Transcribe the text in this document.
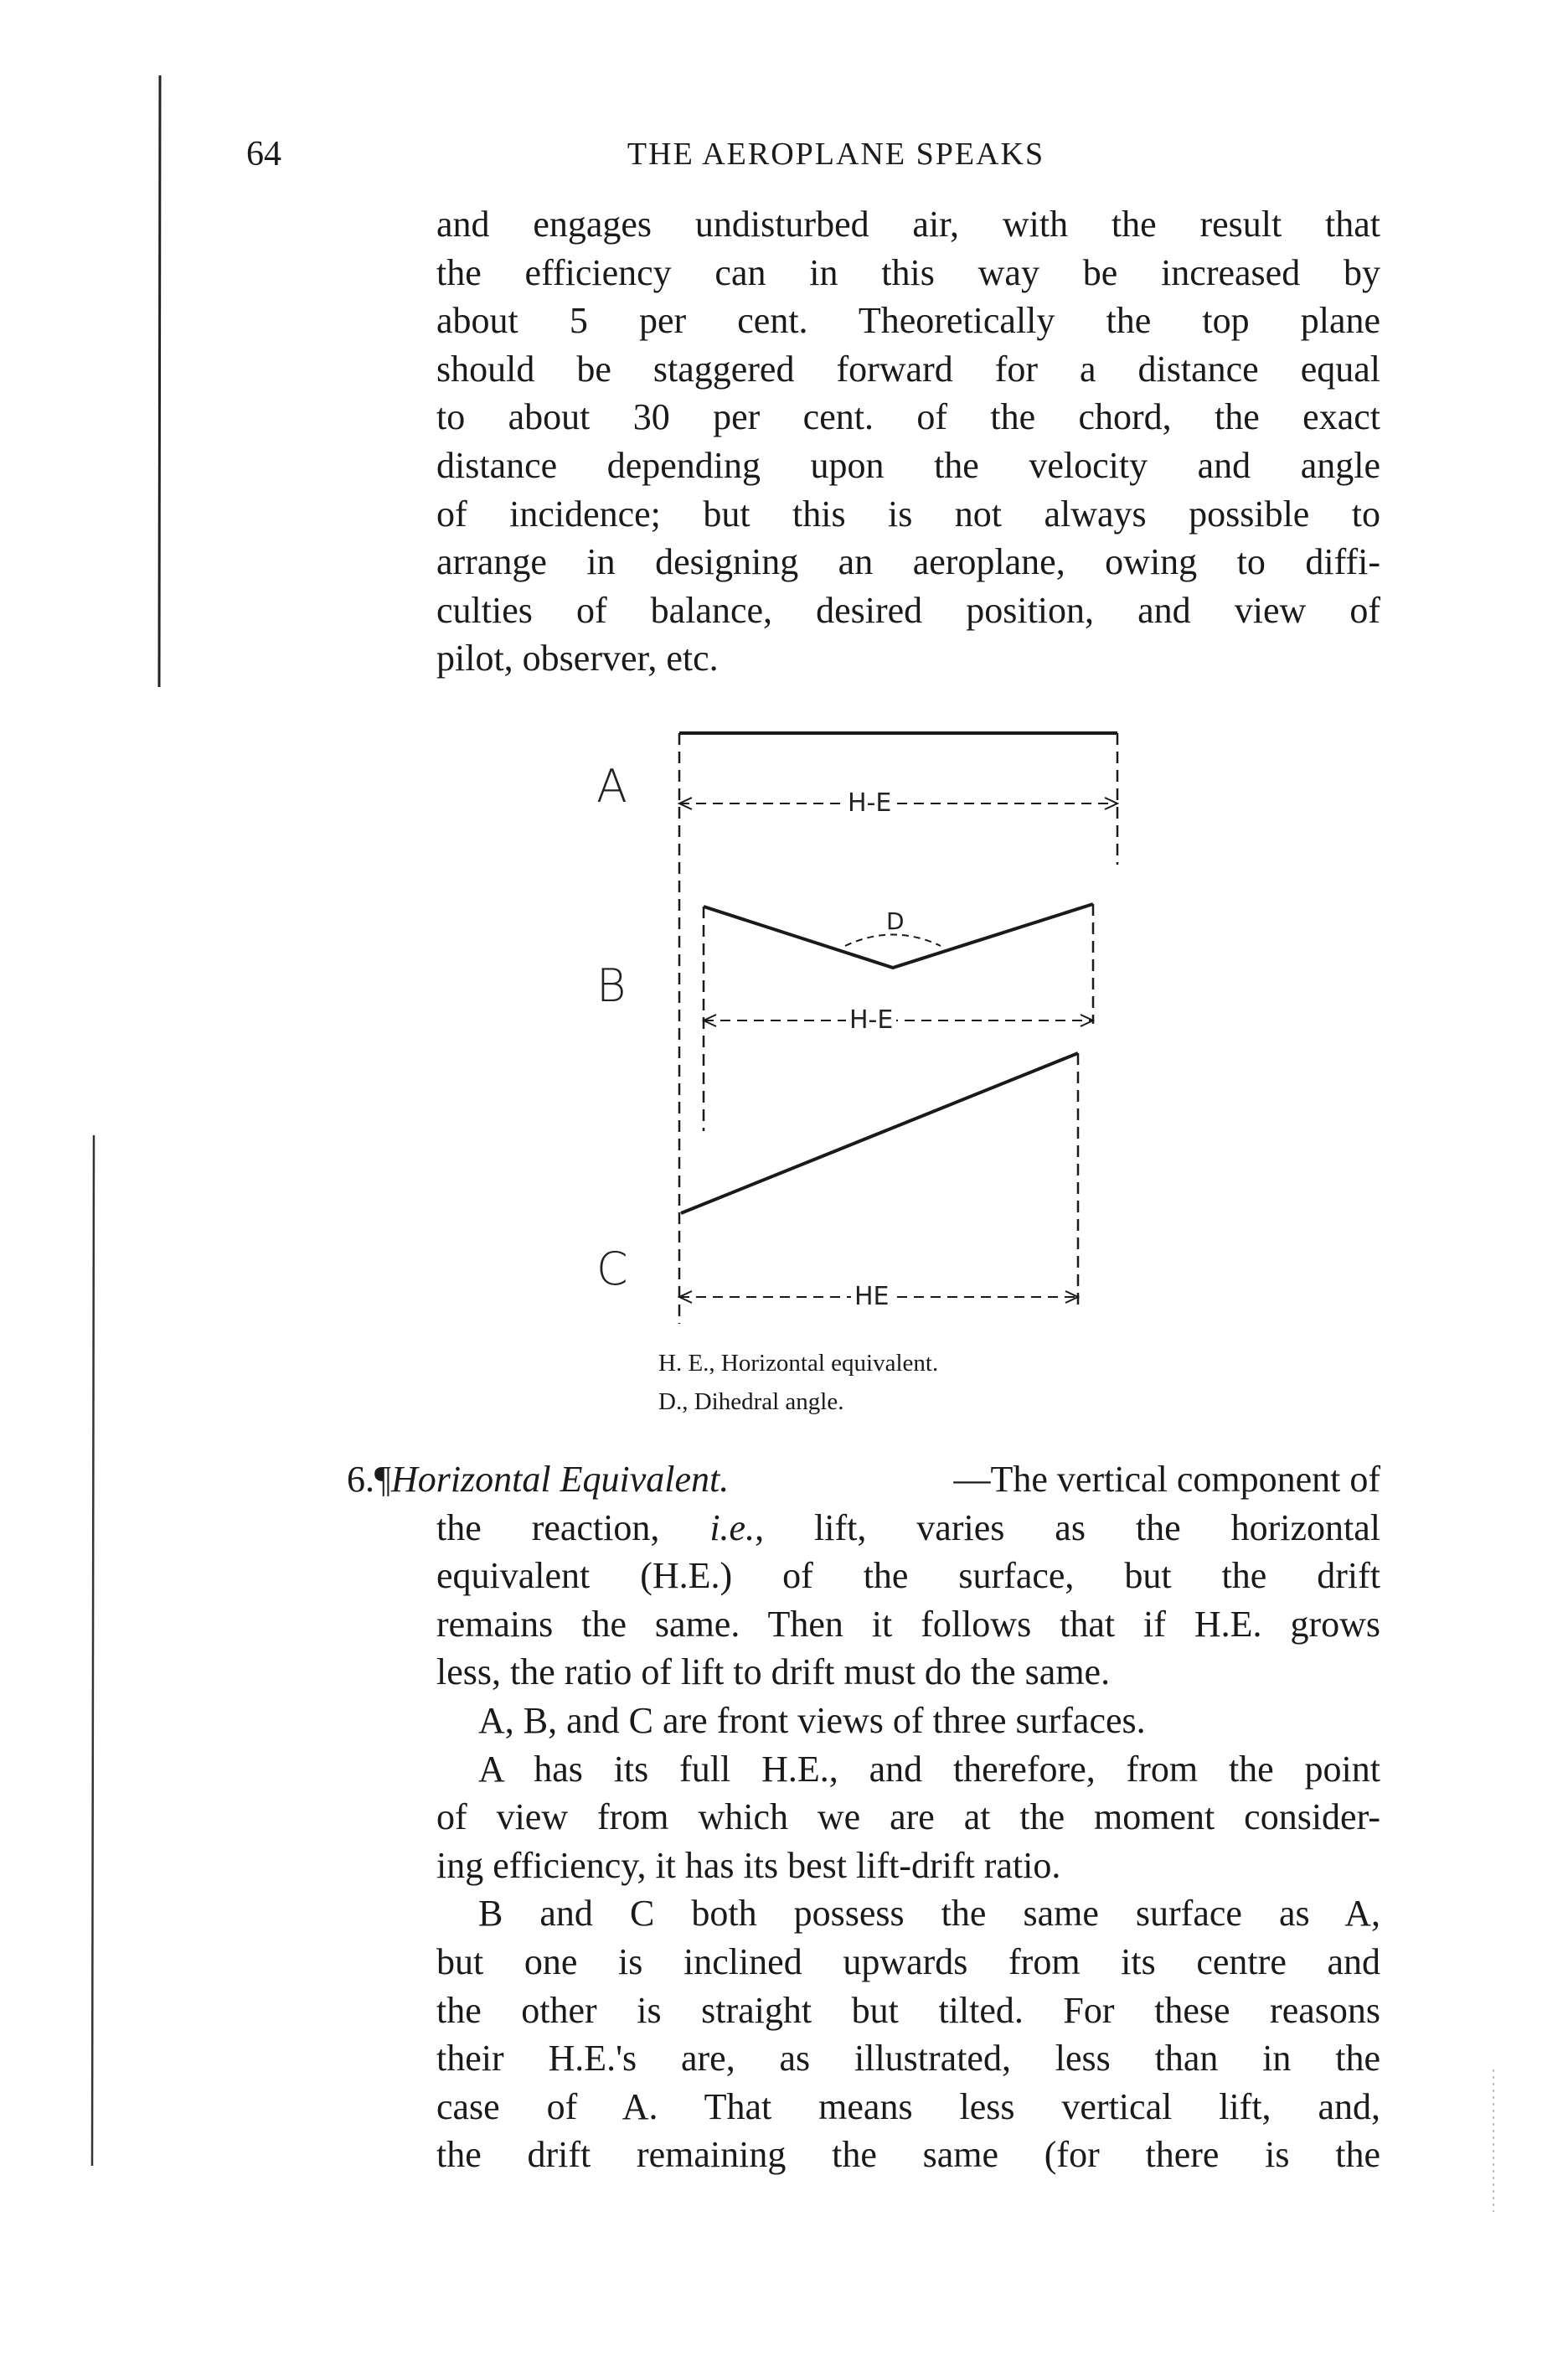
64	THE AEROPLANE SPEAKS
and engages undisturbed air, with the result that
the efficiency can in this way be increased by
about 5 per cent. Theoretically the top plane
should be staggered forward for a distance equal
to about 30 per cent. of the chord, the exact
distance depending upon the velocity and angle
of incidence; but this is not always possible to
arrange in designing an aeroplane, owing to diffi-
culties of balance, desired position, and view of
pilot, observer, etc.
A
B
C
H-E
H-E
HE
D
H. E., Horizontal equivalent.
D., Dihedral angle.
6.¶Horizontal Equivalent.	—The vertical component of
the reaction, i.e., lift, varies as the horizontal
equivalent (H.E.) of the surface, but the drift
remains the same. Then it follows that if H.E. grows
less, the ratio of lift to drift must do the same.
A, B, and C are front views of three surfaces.
A has its full H.E., and therefore, from the point
of view from which we are at the moment consider-
ing efficiency, it has its best lift-drift ratio.
B and C both possess the same surface as A,
but one is inclined upwards from its centre and
the other is straight but tilted. For these reasons
their H.E.'s are, as illustrated, less than in the
case of A. That means less vertical lift, and,
the drift remaining the same (for there is the
